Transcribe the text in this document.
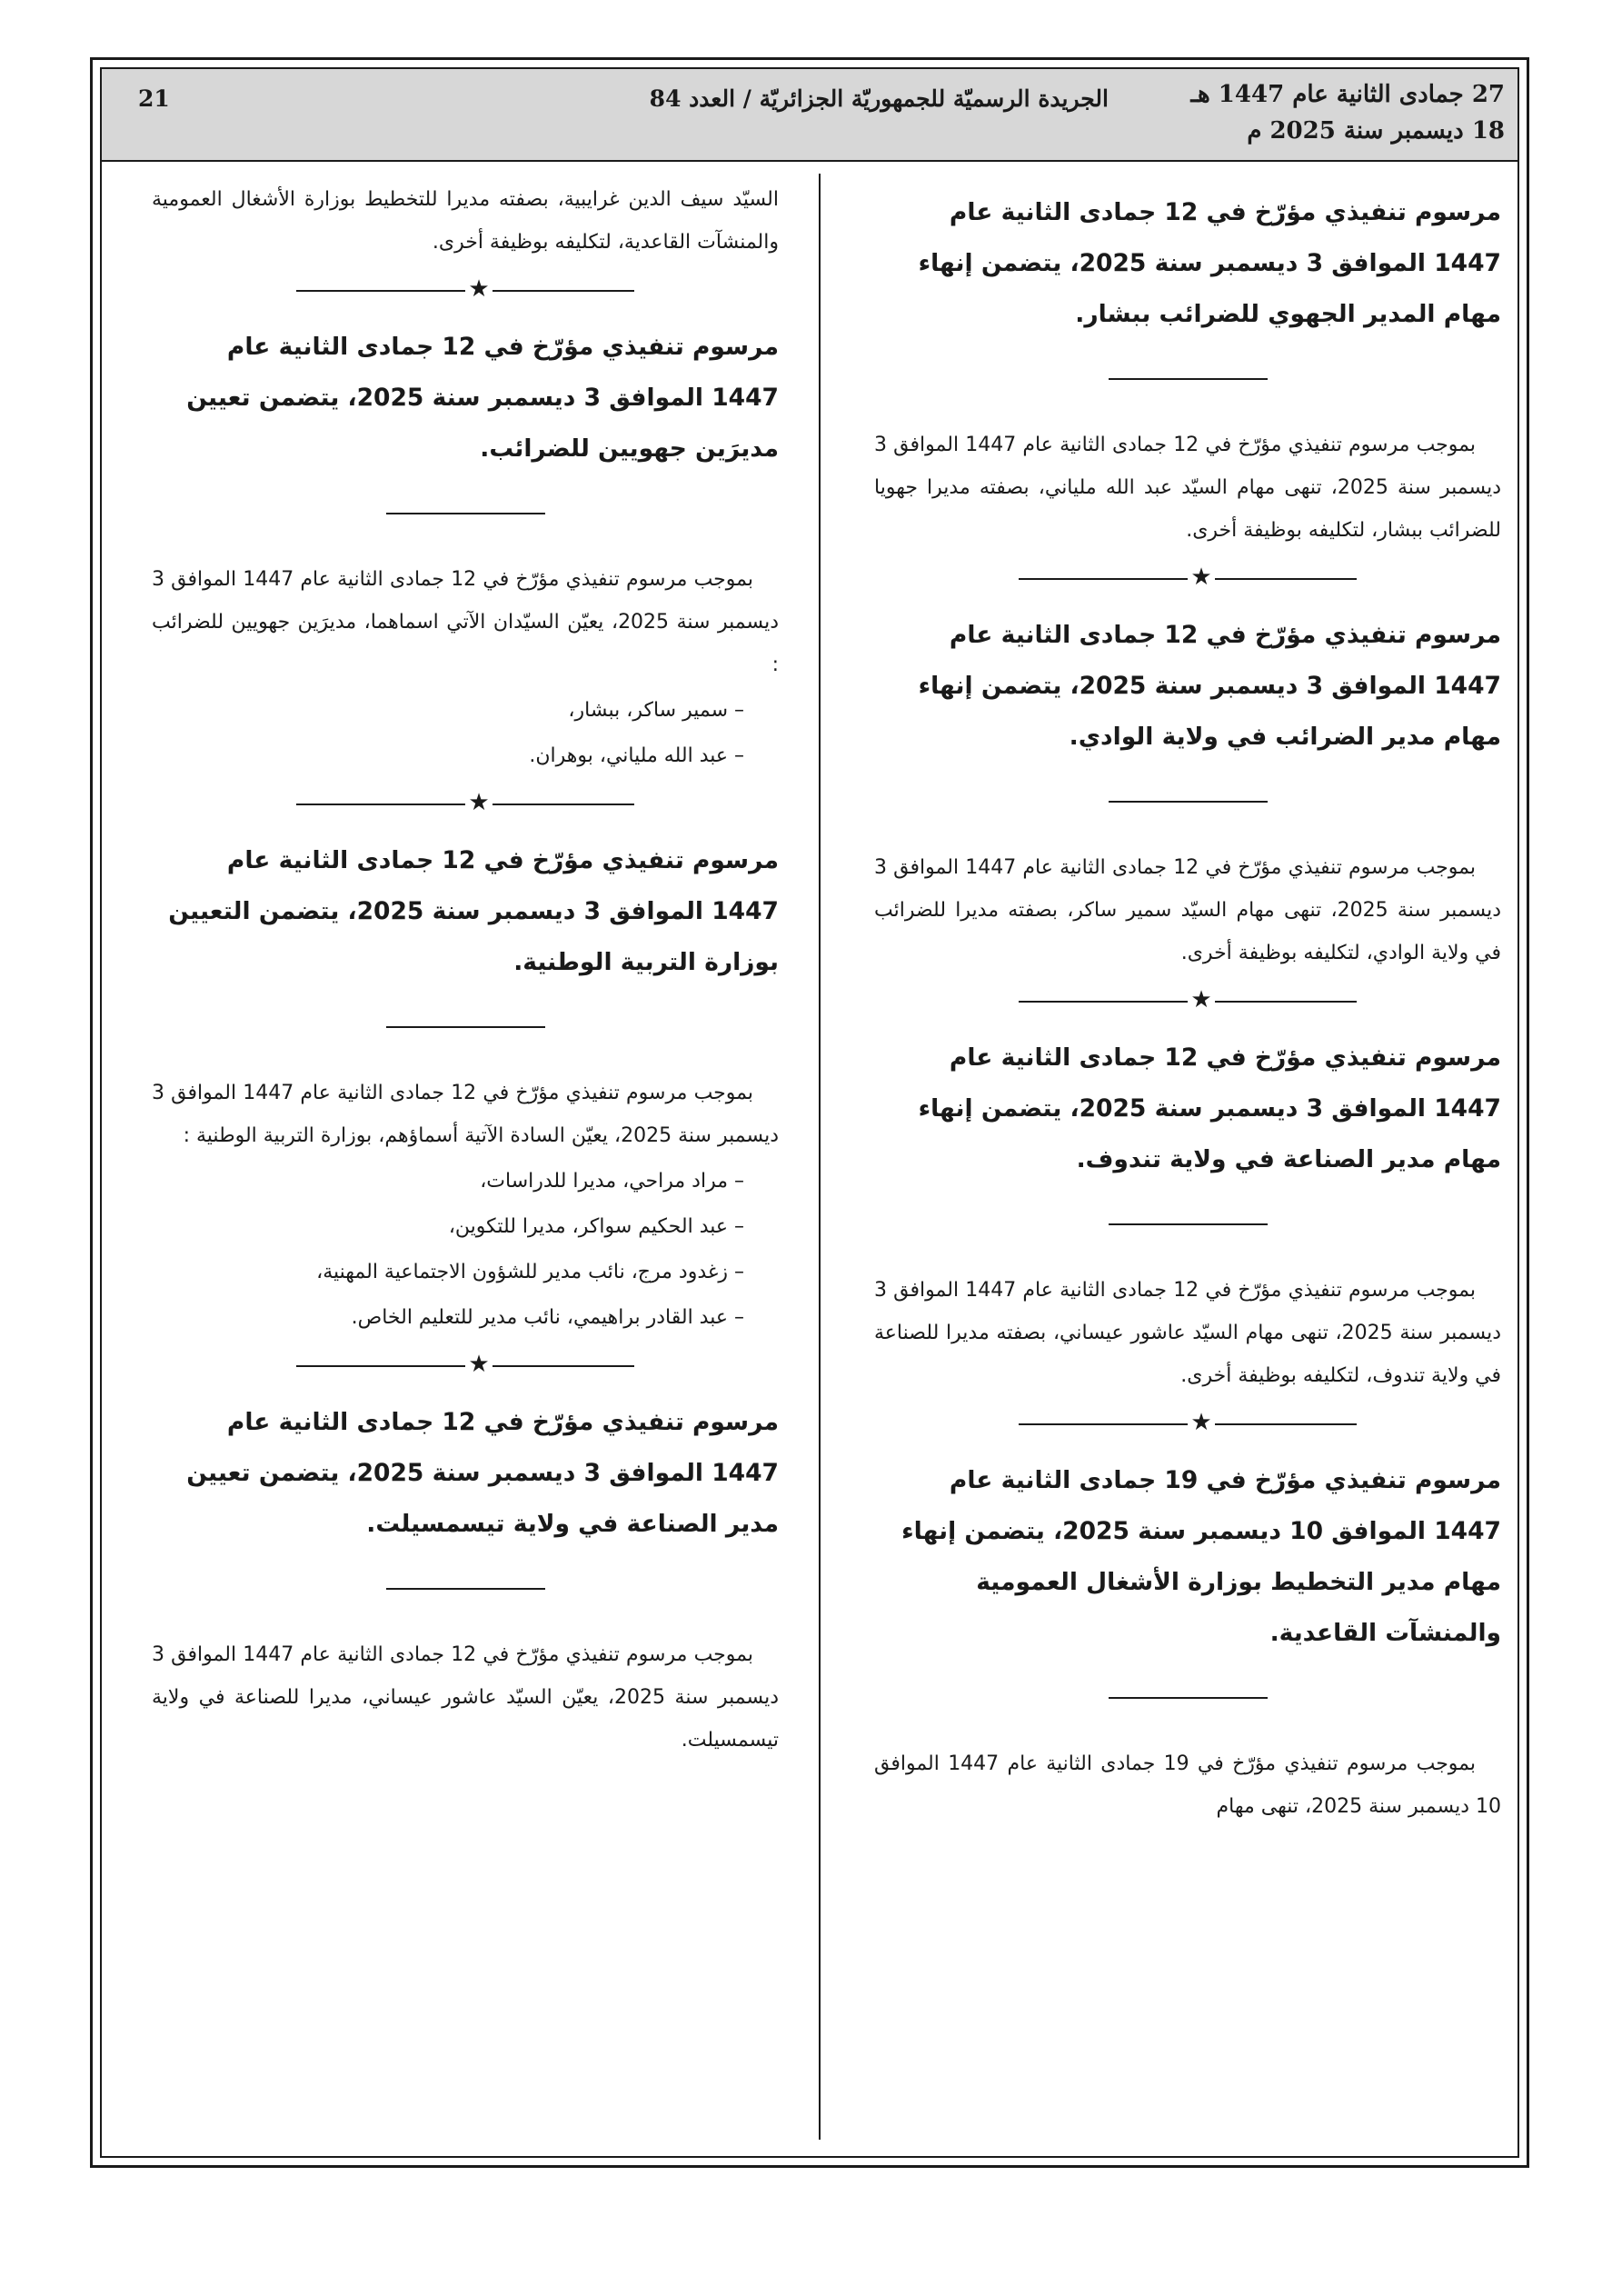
27 جمادى الثانية عام 1447 هـ
18 ديسمبر سنة 2025 م
الجريدة الرسميّة للجمهوريّة الجزائريّة / العدد 84
21

مرسوم تنفيذي مؤرّخ في 12 جمادى الثانية عام 1447 الموافق 3 ديسمبر سنة 2025، يتضمن إنهاء مهام المدير الجهوي للضرائب ببشار.

بموجب مرسوم تنفيذي مؤرّخ في 12 جمادى الثانية عام 1447 الموافق 3 ديسمبر سنة 2025، تنهى مهام السيّد عبد الله ملياني، بصفته مديرا جهويا للضرائب ببشار، لتكليفه بوظيفة أخرى.

★

مرسوم تنفيذي مؤرّخ في 12 جمادى الثانية عام 1447 الموافق 3 ديسمبر سنة 2025، يتضمن إنهاء مهام مدير الضرائب في ولاية الوادي.

بموجب مرسوم تنفيذي مؤرّخ في 12 جمادى الثانية عام 1447 الموافق 3 ديسمبر سنة 2025، تنهى مهام السيّد سمير ساكر، بصفته مديرا للضرائب في ولاية الوادي، لتكليفه بوظيفة أخرى.

★

مرسوم تنفيذي مؤرّخ في 12 جمادى الثانية عام 1447 الموافق 3 ديسمبر سنة 2025، يتضمن إنهاء مهام مدير الصناعة في ولاية تندوف.

بموجب مرسوم تنفيذي مؤرّخ في 12 جمادى الثانية عام 1447 الموافق 3 ديسمبر سنة 2025، تنهى مهام السيّد عاشور عيساني، بصفته مديرا للصناعة في ولاية تندوف، لتكليفه بوظيفة أخرى.

★

مرسوم تنفيذي مؤرّخ في 19 جمادى الثانية عام 1447 الموافق 10 ديسمبر سنة 2025، يتضمن إنهاء مهام مدير التخطيط بوزارة الأشغال العمومية والمنشآت القاعدية.

بموجب مرسوم تنفيذي مؤرّخ في 19 جمادى الثانية عام 1447 الموافق 10 ديسمبر سنة 2025، تنهى مهام

السيّد سيف الدين غرايبية، بصفته مديرا للتخطيط بوزارة الأشغال العمومية والمنشآت القاعدية، لتكليفه بوظيفة أخرى.

★

مرسوم تنفيذي مؤرّخ في 12 جمادى الثانية عام 1447 الموافق 3 ديسمبر سنة 2025، يتضمن تعيين مديرَين جهويين للضرائب.

بموجب مرسوم تنفيذي مؤرّخ في 12 جمادى الثانية عام 1447 الموافق 3 ديسمبر سنة 2025، يعيّن السيّدان الآتي اسماهما، مديرَين جهويين للضرائب :

– سمير ساكر، ببشار،

– عبد الله ملياني، بوهران.

★

مرسوم تنفيذي مؤرّخ في 12 جمادى الثانية عام 1447 الموافق 3 ديسمبر سنة 2025، يتضمن التعيين بوزارة التربية الوطنية.

بموجب مرسوم تنفيذي مؤرّخ في 12 جمادى الثانية عام 1447 الموافق 3 ديسمبر سنة 2025، يعيّن السادة الآتية أسماؤهم، بوزارة التربية الوطنية :

– مراد مراحي، مديرا للدراسات،

– عبد الحكيم سواكر، مديرا للتكوين،

– زغدود مرج، نائب مدير للشؤون الاجتماعية المهنية،

– عبد القادر براهيمي، نائب مدير للتعليم الخاص.

★

مرسوم تنفيذي مؤرّخ في 12 جمادى الثانية عام 1447 الموافق 3 ديسمبر سنة 2025، يتضمن تعيين مدير الصناعة في ولاية تيسمسيلت.

بموجب مرسوم تنفيذي مؤرّخ في 12 جمادى الثانية عام 1447 الموافق 3 ديسمبر سنة 2025، يعيّن السيّد عاشور عيساني، مديرا للصناعة في ولاية تيسمسيلت.
